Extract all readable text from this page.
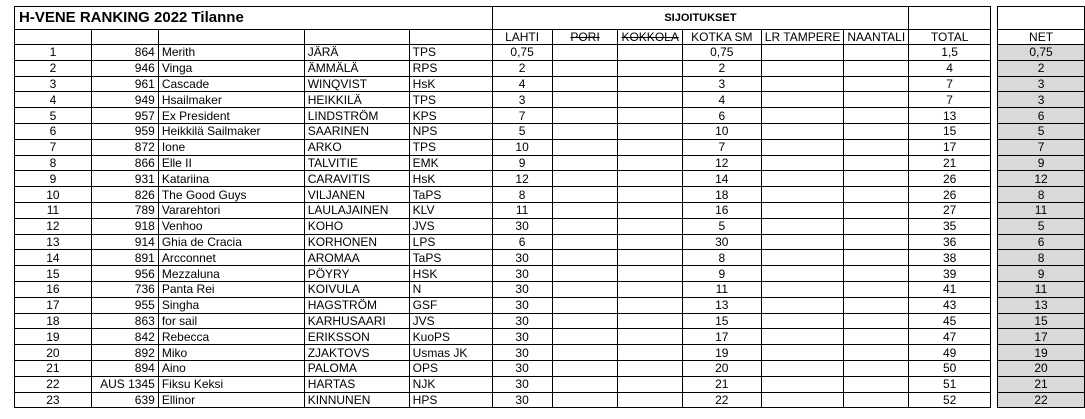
H-VENE RANKING 2022 Tilanne					SIJOITUKSET								
					LAHTI	PORI	KOKKOLA	KOTKA SM	LR TAMPERE	NAANTALI	TOTAL		NET
1	864	Merith	JÄRÄ	TPS	0,75			0,75			1,5		0,75
2	946	Vinga	ÄMMÄLÄ	RPS	2			2			4		2
3	961	Cascade	WINQVIST	HsK	4			3			7		3
4	949	Hsailmaker	HEIKKILÄ	TPS	3			4			7		3
5	957	Ex President	LINDSTRÖM	KPS	7			6			13		6
6	959	Heikkilä Sailmaker	SAARINEN	NPS	5			10			15		5
7	872	Ione	ARKO	TPS	10			7			17		7
8	866	Elle II	TALVITIE	EMK	9			12			21		9
9	931	Katariina	CARAVITIS	HsK	12			14			26		12
10	826	The Good Guys	VILJANEN	TaPS	8			18			26		8
11	789	Vararehtori	LAULAJAINEN	KLV	11			16			27		11
12	918	Venhoo	KOHO	JVS	30			5			35		5
13	914	Ghia de Cracia	KORHONEN	LPS	6			30			36		6
14	891	Arcconnet	AROMAA	TaPS	30			8			38		8
15	956	Mezzaluna	PÖYRY	HSK	30			9			39		9
16	736	Panta Rei	KOIVULA	N	30			11			41		11
17	955	Singha	HAGSTRÖM	GSF	30			13			43		13
18	863	for sail	KARHUSAARI	JVS	30			15			45		15
19	842	Rebecca	ERIKSSON	KuoPS	30			17			47		17
20	892	Miko	ZJAKTOVS	Usmas JK	30			19			49		19
21	894	Aino	PALOMA	OPS	30			20			50		20
22	AUS 1345	Fiksu Keksi	HARTAS	NJK	30			21			51		21
23	639	Ellinor	KINNUNEN	HPS	30			22			52		22
